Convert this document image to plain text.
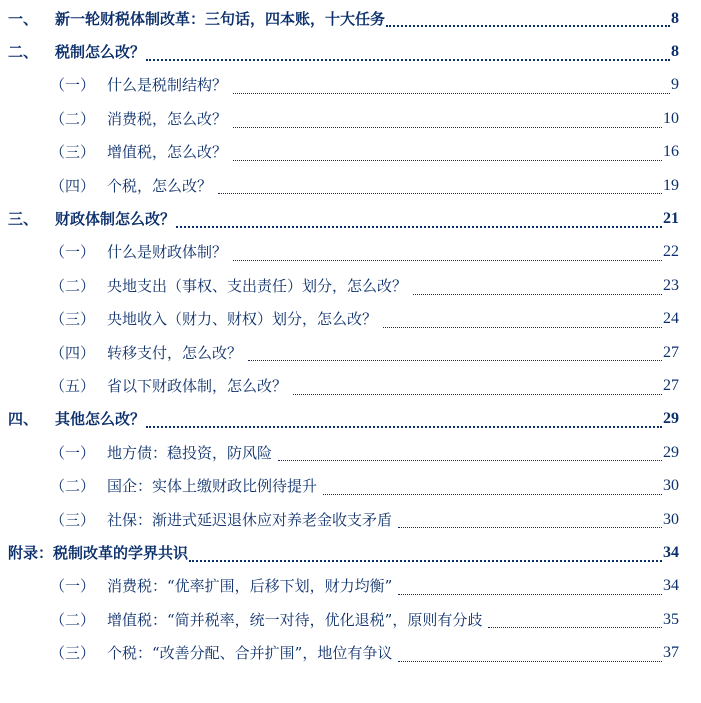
一、	新一轮财税体制改革：三句话，四本账，十大任务	8
二、	税制怎么改？	8
（一） 什么是税制结构？	9
（二） 消费税，怎么改？	10
（三） 增值税，怎么改？	16
（四） 个税，怎么改？	19
三、	财政体制怎么改？	21
（一） 什么是财政体制？	22
（二） 央地支出（事权、支出责任）划分，怎么改？	23
（三） 央地收入（财力、财权）划分，怎么改？	24
（四） 转移支付，怎么改？	27
（五） 省以下财政体制，怎么改？	27
四、	其他怎么改？	29
（一） 地方债：稳投资，防风险	29
（二） 国企：实体上缴财政比例待提升	30
（三） 社保：渐进式延迟退休应对养老金收支矛盾	30
附录：税制改革的学界共识	34
（一） 消费税：“优率扩围，后移下划，财力均衡”	34
（二） 增值税：“简并税率，统一对待，优化退税”，原则有分歧	35
（三） 个税：“改善分配、合并扩围”，地位有争议	37
